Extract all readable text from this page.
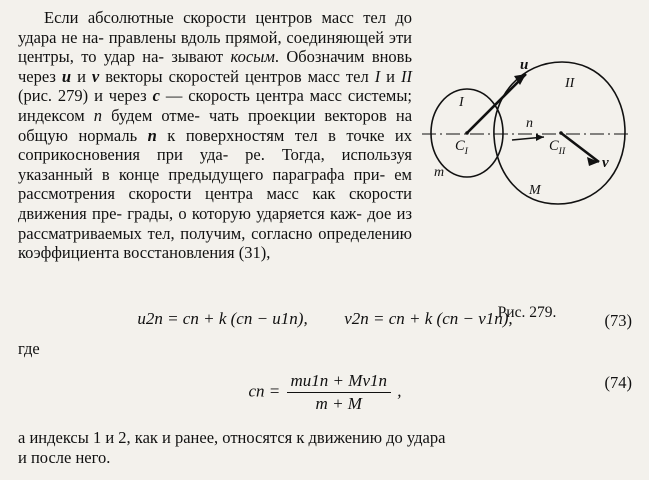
I
II
$C_I$	$C_{II}$
u
v
n
m
M
Рис. 279.
Если абсолютные скорости центров масс тел до удара не на- правлены вдоль прямой, соединяющей эти центры, то удар на- зывают косым. Обозначим вновь через u и v векторы скоростей центров масс тел I и II (рис. 279) и через c — скорость центра масс системы; индексом n будем отме- чать проекции векторов на общую нормаль n к поверхностям тел в точке их соприкосновения при уда- ре. Тогда, используя указанный в конце предыдущего параграфа при- ем рассмотрения скорости центра масс как скорости движения пре- грады, о которую ударяется каж- дое из рассматриваемых тел, получим, согласно определению коэффициента восстановления (31),
u2n = cn + k (cn − u1n), v2n = cn + k (cn − v1n),	(73)
где
cn = $\frac{mu1n + Mv1n}{m + M}$ ,	(74)
а индексы 1 и 2, как и ранее, относятся к движению до удара
и после него.
